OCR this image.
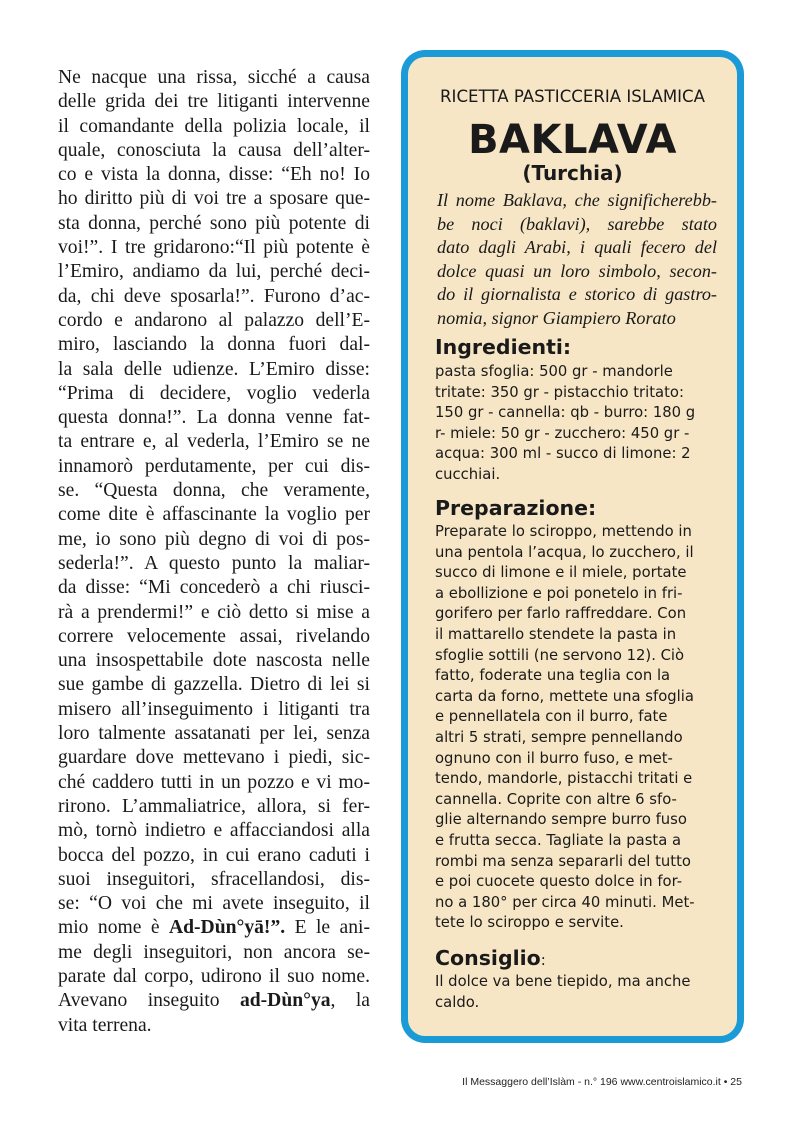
Ne nacque una rissa, sicché a causa
delle grida dei tre litiganti intervenne
il comandante della polizia locale, il
quale, conosciuta la causa dell’alter-
co e vista la donna, disse: “Eh no! Io
ho diritto più di voi tre a sposare que-
sta donna, perché sono più potente di
voi!”. I tre gridarono:“Il più potente è
l’Emiro, andiamo da lui, perché deci-
da, chi deve sposarla!”. Furono d’ac-
cordo e andarono al palazzo dell’E-
miro, lasciando la donna fuori dal-
la sala delle udienze. L’Emiro disse:
“Prima di decidere, voglio vederla
questa donna!”. La donna venne fat-
ta entrare e, al vederla, l’Emiro se ne
innamorò perdutamente, per cui dis-
se. “Questa donna, che veramente,
come dite è affascinante la voglio per
me, io sono più degno di voi di pos-
sederla!”. A questo punto la maliar-
da disse: “Mi concederò a chi riusci-
rà a prendermi!” e ciò detto si mise a
correre velocemente assai, rivelando
una insospettabile dote nascosta nelle
sue gambe di gazzella. Dietro di lei si
misero all’inseguimento i litiganti tra
loro talmente assatanati per lei, senza
guardare dove mettevano i piedi, sic-
ché caddero tutti in un pozzo e vi mo-
rirono. L’ammaliatrice, allora, si fer-
mò, tornò indietro e affacciandosi alla
bocca del pozzo, in cui erano caduti i
suoi inseguitori, sfracellandosi, dis-
se: “O voi che mi avete inseguito, il
mio nome è Ad-Dùn°yā!”. E le ani-
me degli inseguitori, non ancora se-
parate dal corpo, udirono il suo nome.
Avevano inseguito ad-Dùn°ya, la
vita terrena.
RICETTA PASTICCERIA ISLAMICA
BAKLAVA
(Turchia)
Il nome Baklava, che significherebb-
be noci (baklavi), sarebbe stato
dato dagli Arabi, i quali fecero del
dolce quasi un loro simbolo, secon-
do il giornalista e storico di gastro-
nomia, signor Giampiero Rorato
Ingredienti:
pasta sfoglia: 500 gr - mandorle
tritate: 350 gr - pistacchio tritato:
150 gr - cannella: qb - burro: 180 g
r- miele: 50 gr - zucchero: 450 gr -
acqua: 300 ml - succo di limone: 2
cucchiai.
Preparazione:
Preparate lo sciroppo, mettendo in
una pentola l’acqua, lo zucchero, il
succo di limone e il miele, portate
a ebollizione e poi ponetelo in fri-
gorifero per farlo raffreddare. Con
il mattarello stendete la pasta in
sfoglie sottili (ne servono 12). Ciò
fatto, foderate una teglia con la
carta da forno, mettete una sfoglia
e pennellatela con il burro, fate
altri 5 strati, sempre pennellando
ognuno con il burro fuso, e met-
tendo, mandorle, pistacchi tritati e
cannella. Coprite con altre 6 sfo-
glie alternando sempre burro fuso
e frutta secca. Tagliate la pasta a
rombi ma senza separarli del tutto
e poi cuocete questo dolce in for-
no a 180° per circa 40 minuti. Met-
tete lo sciroppo e servite.
Consiglio:
Il dolce va bene tiepido, ma anche
caldo.
Il Messaggero dell’Islàm - n.° 196 www.centroislamico.it • 25
